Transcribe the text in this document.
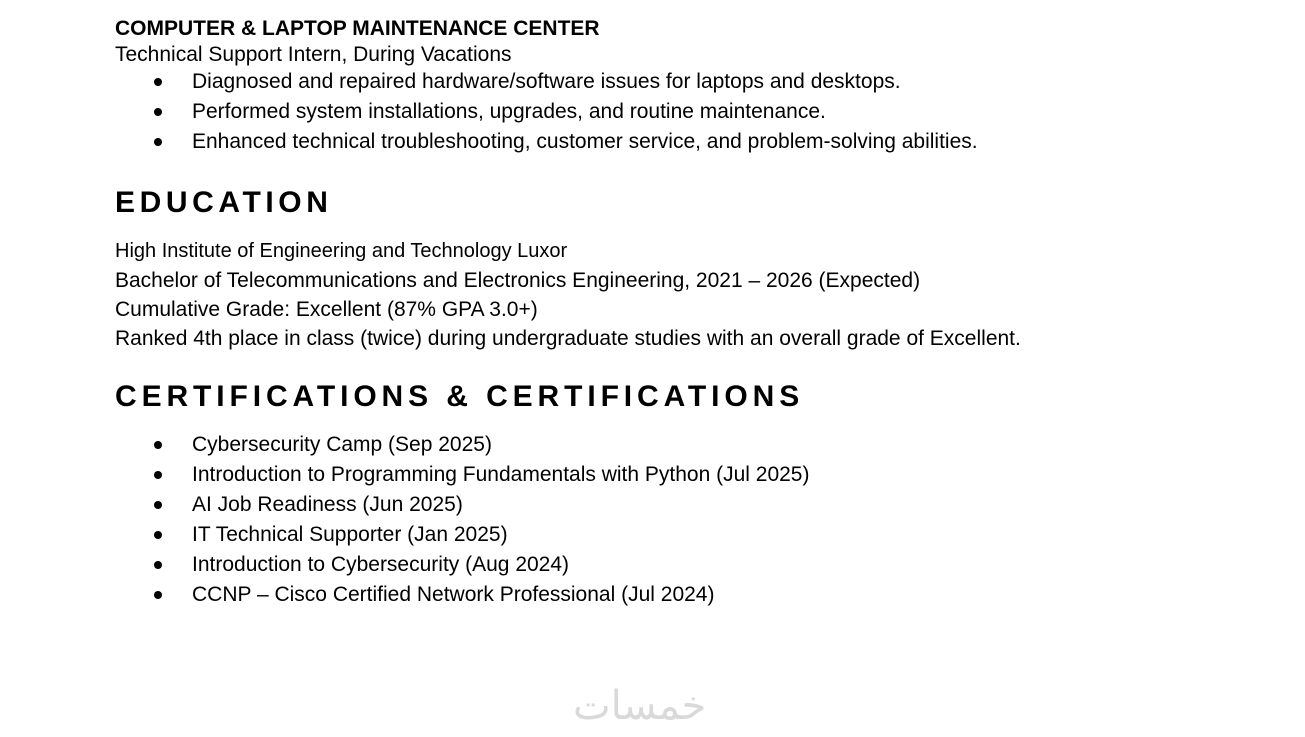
COMPUTER & LAPTOP MAINTENANCE CENTER
Technical Support Intern, During Vacations
Diagnosed and repaired hardware/software issues for laptops and desktops.
Performed system installations, upgrades, and routine maintenance.
Enhanced technical troubleshooting, customer service, and problem-solving abilities.
EDUCATION
High Institute of Engineering and Technology Luxor
Bachelor of Telecommunications and Electronics Engineering, 2021 – 2026 (Expected)
Cumulative Grade: Excellent (87% GPA 3.0+)
Ranked 4th place in class (twice) during undergraduate studies with an overall grade of Excellent.
CERTIFICATIONS & CERTIFICATIONS
Cybersecurity Camp (Sep 2025)
Introduction to Programming Fundamentals with Python (Jul 2025)
AI Job Readiness (Jun 2025)
IT Technical Supporter (Jan 2025)
Introduction to Cybersecurity (Aug 2024)
CCNP – Cisco Certified Network Professional (Jul 2024)
خمسات
